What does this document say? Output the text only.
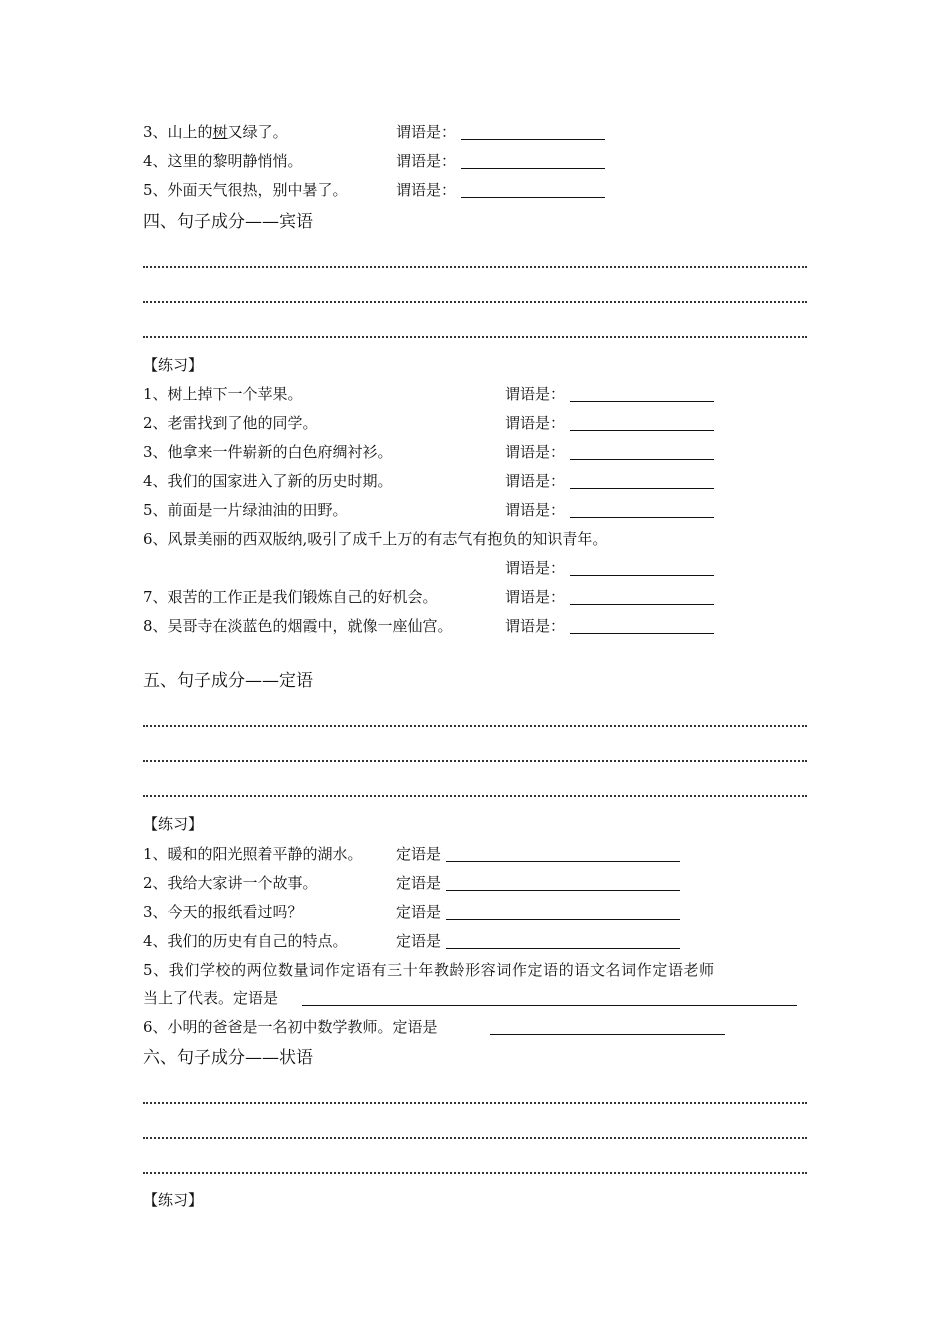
3、山上的树又绿了。	谓语是：
4、这里的黎明静悄悄。	谓语是：
5、外面天气很热，别中暑了。	谓语是：
四、句子成分——宾语
【练习】
1、树上掉下一个苹果。	谓语是：
2、老雷找到了他的同学。	谓语是：
3、他拿来一件崭新的白色府绸衬衫。	谓语是：
4、我们的国家进入了新的历史时期。	谓语是：
5、前面是一片绿油油的田野。	谓语是：
6、风景美丽的西双版纳,吸引了成千上万的有志气有抱负的知识青年。
谓语是：
7、艰苦的工作正是我们锻炼自己的好机会。	谓语是：
8、吴哥寺在淡蓝色的烟霞中，就像一座仙宫。	谓语是：
五、句子成分——定语
【练习】
1、暖和的阳光照着平静的湖水。 定语是
2、我给大家讲一个故事。	定语是
3、今天的报纸看过吗？	定语是
4、我们的历史有自己的特点。	定语是
5、我们学校的两位数量词作定语有三十年教龄形容词作定语的语文名词作定语老师
当上了代表。定语是
6、小明的爸爸是一名初中数学教师。定语是
六、句子成分——状语
【练习】
